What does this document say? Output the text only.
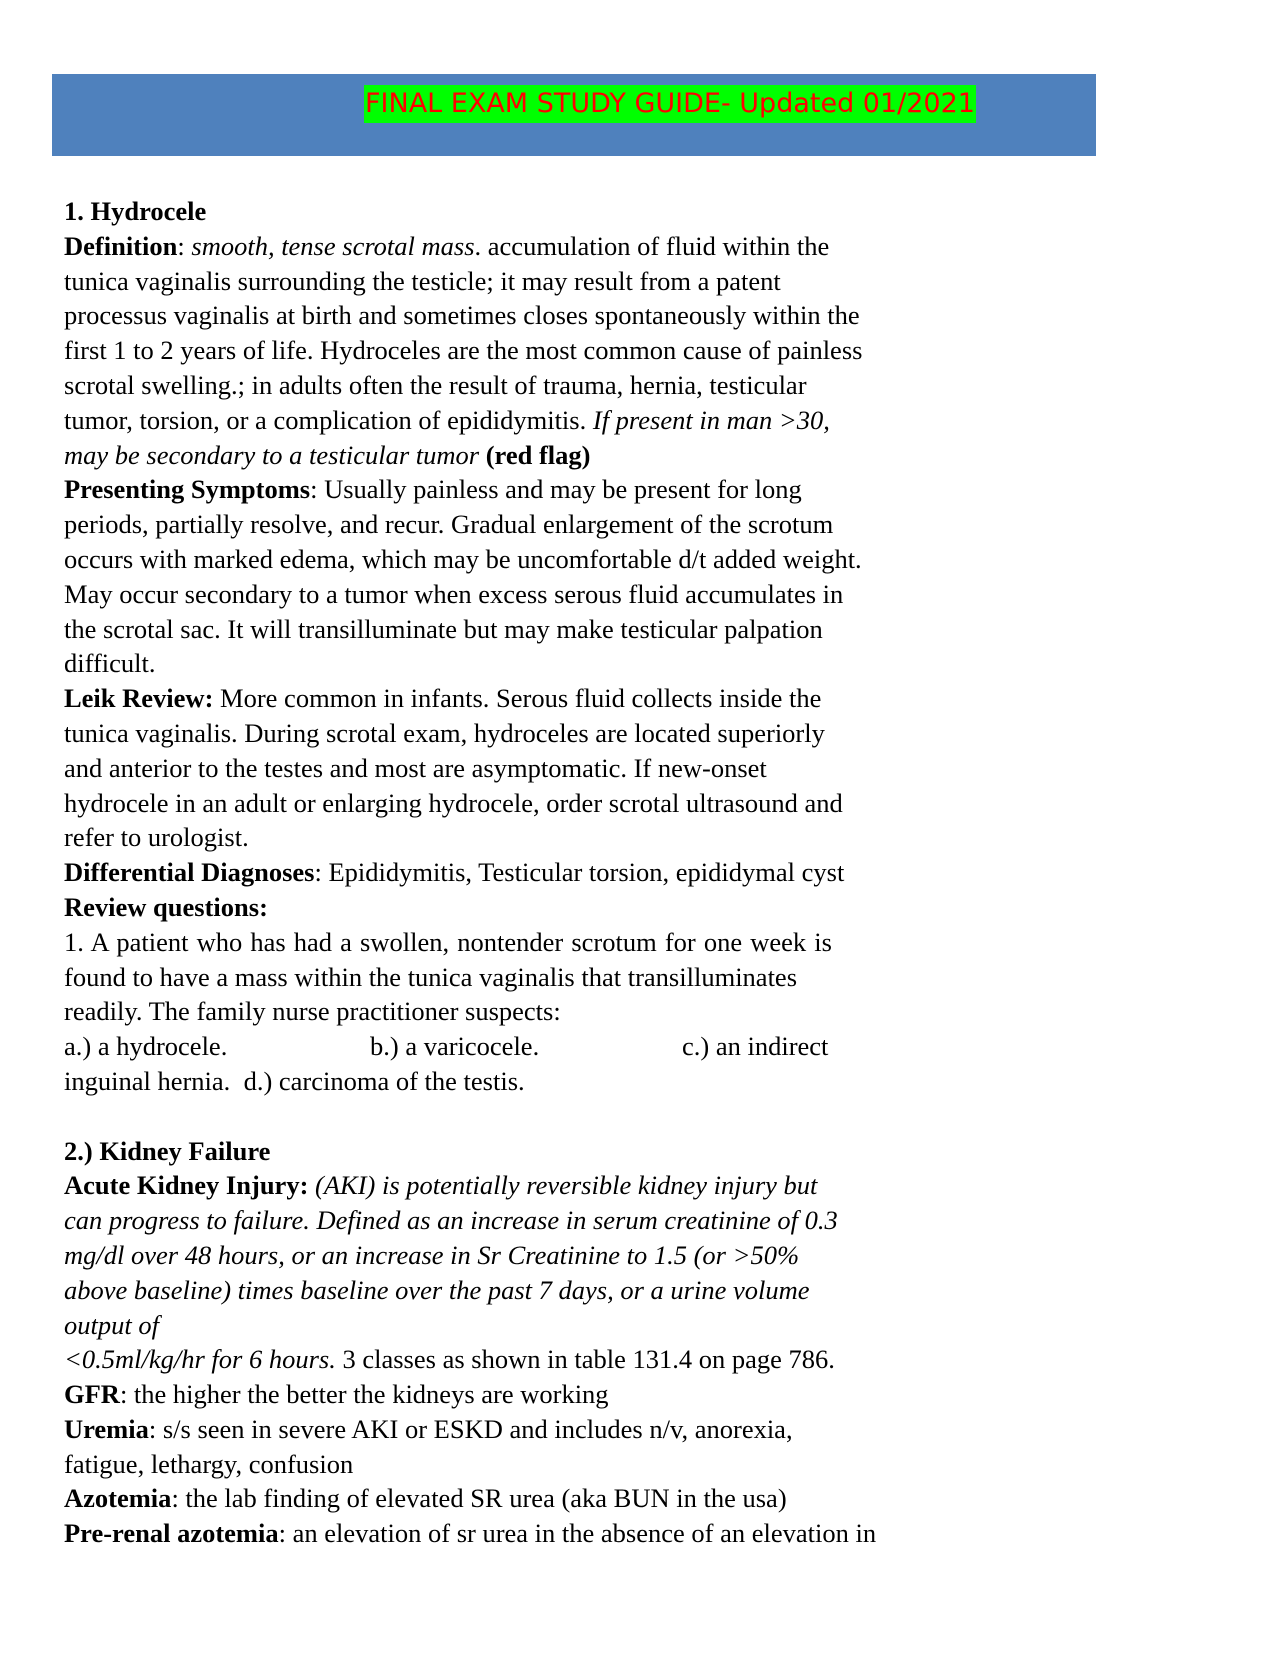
FINAL EXAM STUDY GUIDE- Updated 01/2021
1. Hydrocele
Definition: smooth, tense scrotal mass. accumulation of fluid within the
tunica vaginalis surrounding the testicle; it may result from a patent
processus vaginalis at birth and sometimes closes spontaneously within the
first 1 to 2 years of life. Hydroceles are the most common cause of painless
scrotal swelling.; in adults often the result of trauma, hernia, testicular
tumor, torsion, or a complication of epididymitis. If present in man >30,
may be secondary to a testicular tumor (red flag)
Presenting Symptoms: Usually painless and may be present for long
periods, partially resolve, and recur. Gradual enlargement of the scrotum
occurs with marked edema, which may be uncomfortable d/t added weight.
May occur secondary to a tumor when excess serous fluid accumulates in
the scrotal sac. It will transilluminate but may make testicular palpation
difficult.
Leik Review: More common in infants. Serous fluid collects inside the
tunica vaginalis. During scrotal exam, hydroceles are located superiorly
and anterior to the testes and most are asymptomatic. If new-onset
hydrocele in an adult or enlarging hydrocele, order scrotal ultrasound and
refer to urologist.
Differential Diagnoses: Epididymitis, Testicular torsion, epididymal cyst
Review questions:
1. A patient who has had a swollen, nontender scrotum for one week is
found to have a mass within the tunica vaginalis that transilluminates
readily. The family nurse practitioner suspects:
a.) a hydrocele.	b.) a varicocele.	c.) an indirect
inguinal hernia. d.) carcinoma of the testis.
2.) Kidney Failure
Acute Kidney Injury: (AKI) is potentially reversible kidney injury but
can progress to failure. Defined as an increase in serum creatinine of 0.3
mg/dl over 48 hours, or an increase in Sr Creatinine to 1.5 (or >50%
above baseline) times baseline over the past 7 days, or a urine volume
output of
<0.5ml/kg/hr for 6 hours. 3 classes as shown in table 131.4 on page 786.
GFR: the higher the better the kidneys are working
Uremia: s/s seen in severe AKI or ESKD and includes n/v, anorexia,
fatigue, lethargy, confusion
Azotemia: the lab finding of elevated SR urea (aka BUN in the usa)
Pre-renal azotemia: an elevation of sr urea in the absence of an elevation in
